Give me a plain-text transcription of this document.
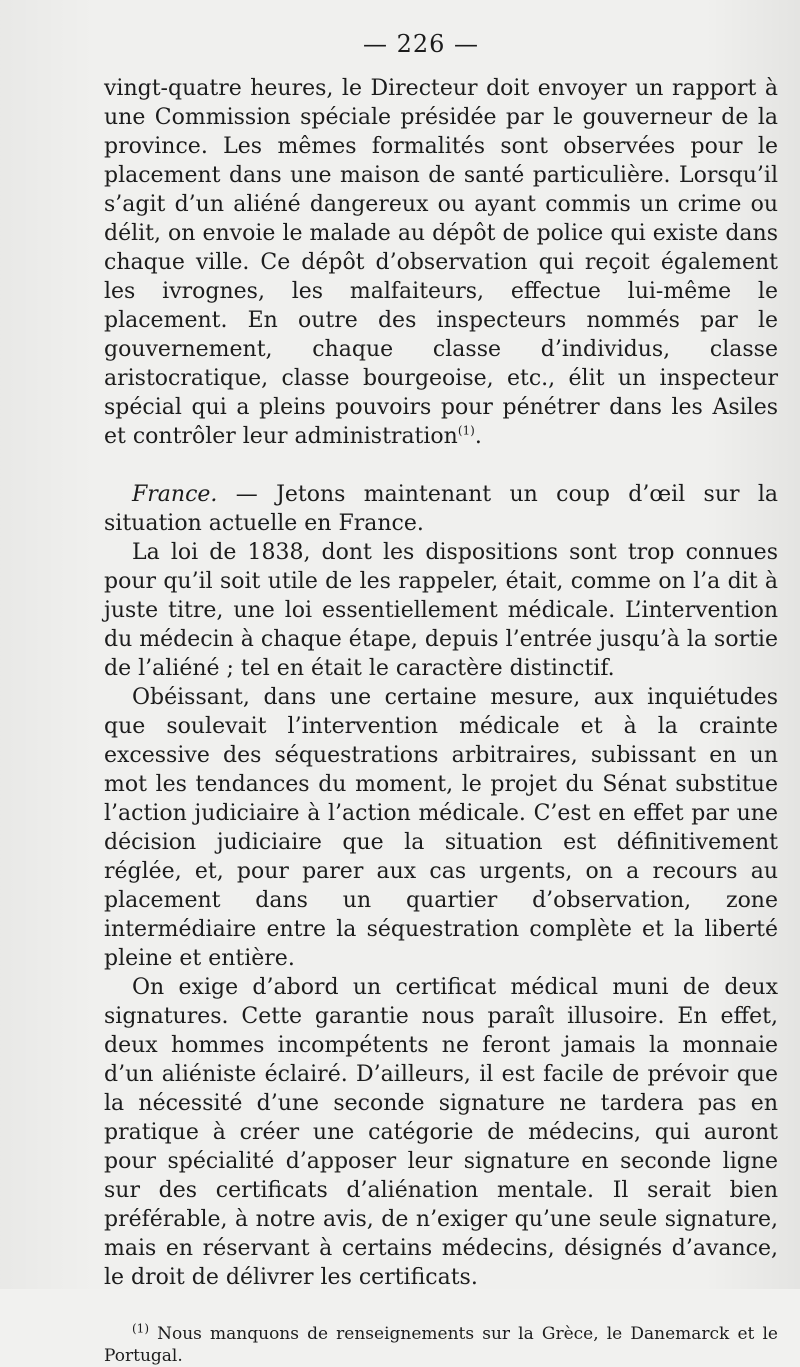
— 226 —

vingt-quatre heures, le Directeur doit envoyer un rapport à une Commission spéciale présidée par le gouverneur de la province. Les mêmes formalités sont observées pour le placement dans une maison de santé particulière. Lorsqu’il s’agit d’un aliéné dangereux ou ayant commis un crime ou délit, on envoie le malade au dépôt de police qui existe dans chaque ville. Ce dépôt d’observation qui reçoit également les ivrognes, les malfaiteurs, effectue lui-même le placement. En outre des inspecteurs nommés par le gouvernement, chaque classe d’individus, classe aristocratique, classe bourgeoise, etc., élit un inspecteur spécial qui a pleins pouvoirs pour pénétrer dans les Asiles et contrôler leur administration$^{(1)}$.

France. — Jetons maintenant un coup d’œil sur la situation actuelle en France.

La loi de 1838, dont les dispositions sont trop connues pour qu’il soit utile de les rappeler, était, comme on l’a dit à juste titre, une loi essentiellement médicale. L’intervention du médecin à chaque étape, depuis l’entrée jusqu’à la sortie de l’aliéné ; tel en était le caractère distinctif.

Obéissant, dans une certaine mesure, aux inquiétudes que soulevait l’intervention médicale et à la crainte excessive des séquestrations arbitraires, subissant en un mot les tendances du moment, le projet du Sénat substitue l’action judiciaire à l’action médicale. C’est en effet par une décision judiciaire que la situation est définitivement réglée, et, pour parer aux cas urgents, on a recours au placement dans un quartier d’observation, zone intermédiaire entre la séquestration complète et la liberté pleine et entière.

On exige d’abord un certificat médical muni de deux signatures. Cette garantie nous paraît illusoire. En effet, deux hommes incompétents ne feront jamais la monnaie d’un aliéniste éclairé. D’ailleurs, il est facile de prévoir que la nécessité d’une seconde signature ne tardera pas en pratique à créer une catégorie de médecins, qui auront pour spécialité d’apposer leur signature en seconde ligne sur des certificats d’aliénation mentale. Il serait bien préférable, à notre avis, de n’exiger qu’une seule signature, mais en réservant à certains médecins, désignés d’avance, le droit de délivrer les certificats.

$^{(1)}$ Nous manquons de renseignements sur la Grèce, le Danemarck et le Portugal.
